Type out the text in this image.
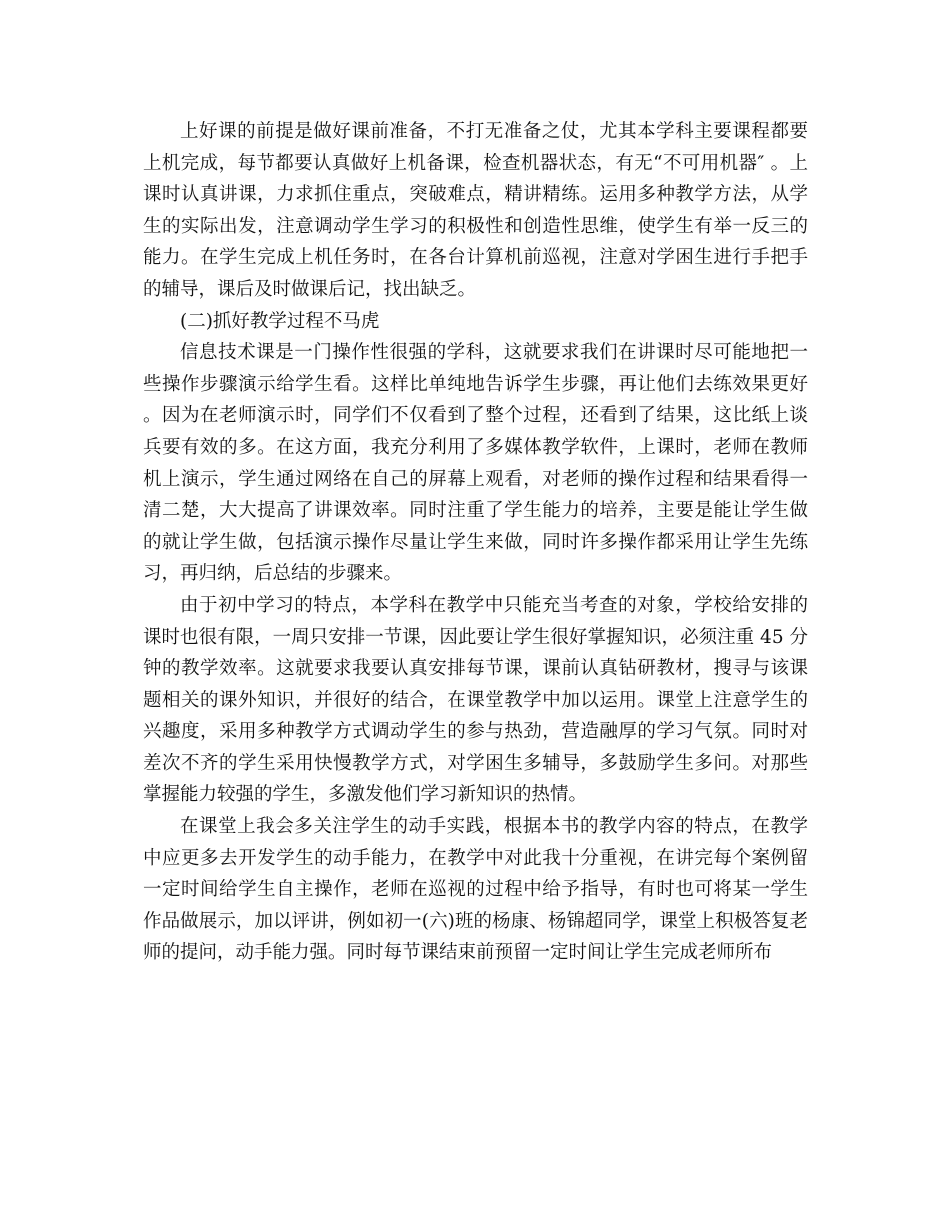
上好课的前提是做好课前准备，不打无准备之仗，尤其本学科主要课程都要上机完成，每节都要认真做好上机备课，检查机器状态，有无“不可用机器″ 。上课时认真讲课，力求抓住重点，突破难点，精讲精练。运用多种教学方法，从学生的实际出发，注意调动学生学习的积极性和创造性思维，使学生有举一反三的能力。在学生完成上机任务时，在各台计算机前巡视，注意对学困生进行手把手的辅导，课后及时做课后记，找出缺乏。

(二)抓好教学过程不马虎

信息技术课是一门操作性很强的学科，这就要求我们在讲课时尽可能地把一些操作步骤演示给学生看。这样比单纯地告诉学生步骤，再让他们去练效果更好。因为在老师演示时，同学们不仅看到了整个过程，还看到了结果，这比纸上谈兵要有效的多。在这方面，我充分利用了多媒体教学软件，上课时，老师在教师机上演示，学生通过网络在自己的屏幕上观看，对老师的操作过程和结果看得一清二楚，大大提高了讲课效率。同时注重了学生能力的培养，主要是能让学生做的就让学生做，包括演示操作尽量让学生来做，同时许多操作都采用让学生先练习，再归纳，后总结的步骤来。

由于初中学习的特点，本学科在教学中只能充当考查的对象，学校给安排的课时也很有限，一周只安排一节课，因此要让学生很好掌握知识，必须注重 45 分钟的教学效率。这就要求我要认真安排每节课，课前认真钻研教材，搜寻与该课题相关的课外知识，并很好的结合，在课堂教学中加以运用。课堂上注意学生的兴趣度，采用多种教学方式调动学生的参与热劲，营造融厚的学习气氛。同时对差次不齐的学生采用快慢教学方式，对学困生多辅导，多鼓励学生多问。对那些掌握能力较强的学生，多激发他们学习新知识的热情。

在课堂上我会多关注学生的动手实践，根据本书的教学内容的特点，在教学中应更多去开发学生的动手能力，在教学中对此我十分重视，在讲完每个案例留一定时间给学生自主操作，老师在巡视的过程中给予指导，有时也可将某一学生作品做展示，加以评讲，例如初一(六)班的杨康、杨锦超同学，课堂上积极答复老师的提问，动手能力强。同时每节课结束前预留一定时间让学生完成老师所布
